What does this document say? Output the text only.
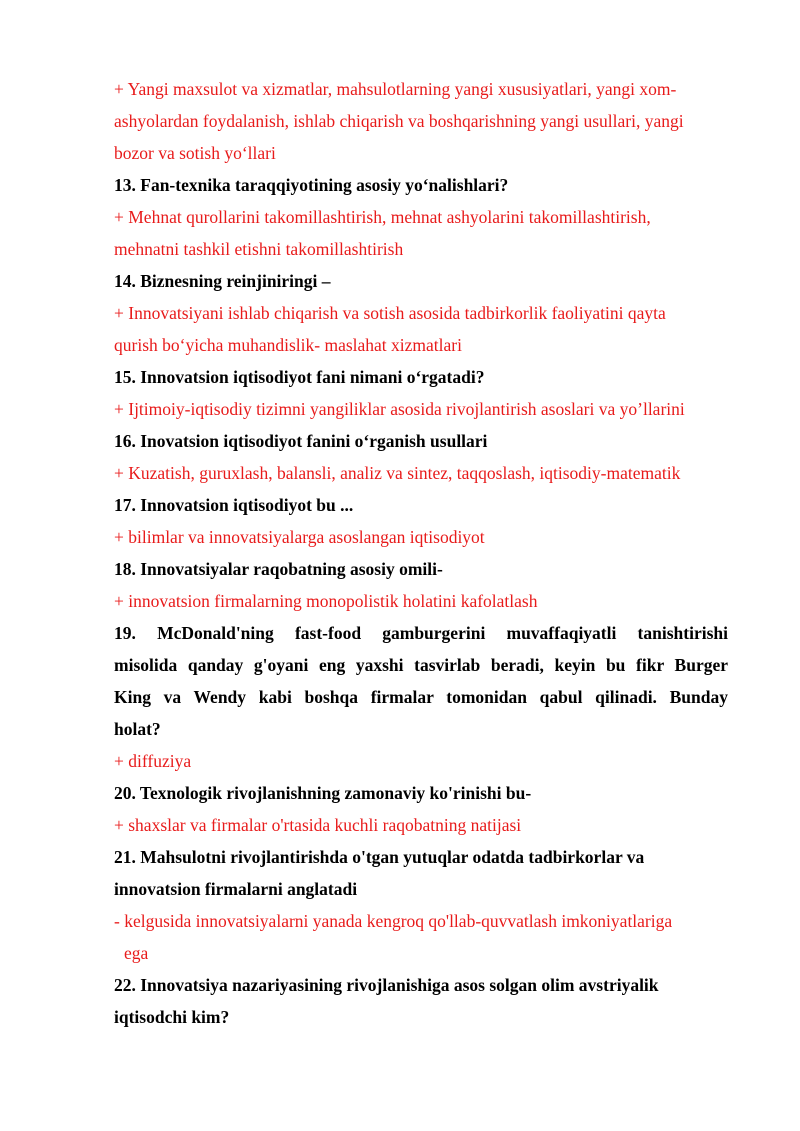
+ Yangi maxsulot va xizmatlar, mahsulotlarning yangi xususiyatlari, yangi xom-

ashyolardan foydalanish, ishlab chiqarish va boshqarishning yangi usullari, yangi

bozor va sotish yo‘llari

13. Fan-texnika taraqqiyotining asosiy yo‘nalishlari?

+ Mehnat qurollarini takomillashtirish, mehnat ashyolarini takomillashtirish,

mehnatni tashkil etishni takomillashtirish

14. Biznesning reinjiniringi –

+ Innovatsiyani ishlab chiqarish va sotish asosida tadbirkorlik faoliyatini qayta

qurish bo‘yicha muhandislik- maslahat xizmatlari

15. Innovatsion iqtisodiyot fani nimani o‘rgatadi?

+ Ijtimoiy-iqtisodiy tizimni yangiliklar asosida rivojlantirish asoslari va yo’llarini

16. Inovatsion iqtisodiyot fanini o‘rganish usullari

+ Kuzatish, guruxlash, balansli, analiz va sintez, taqqoslash, iqtisodiy-matematik

17. Innovatsion iqtisodiyot bu ...

+ bilimlar va innovatsiyalarga asoslangan iqtisodiyot

18. Innovatsiyalar raqobatning asosiy omili-

+ innovatsion firmalarning monopolistik holatini kafolatlash

19. McDonald'ning fast-food gamburgerini muvaffaqiyatli tanishtirishi

misolida qanday g'oyani eng yaxshi tasvirlab beradi, keyin bu fikr Burger

King va Wendy kabi boshqa firmalar tomonidan qabul qilinadi. Bunday

holat?

+ diffuziya

20. Texnologik rivojlanishning zamonaviy ko'rinishi bu-

+ shaxslar va firmalar o'rtasida kuchli raqobatning natijasi

21. Mahsulotni rivojlantirishda o'tgan yutuqlar odatda tadbirkorlar va

innovatsion firmalarni anglatadi

- kelgusida innovatsiyalarni yanada kengroq qo'llab-quvvatlash imkoniyatlariga

ega

22. Innovatsiya nazariyasining rivojlanishiga asos solgan olim avstriyalik

iqtisodchi kim?
